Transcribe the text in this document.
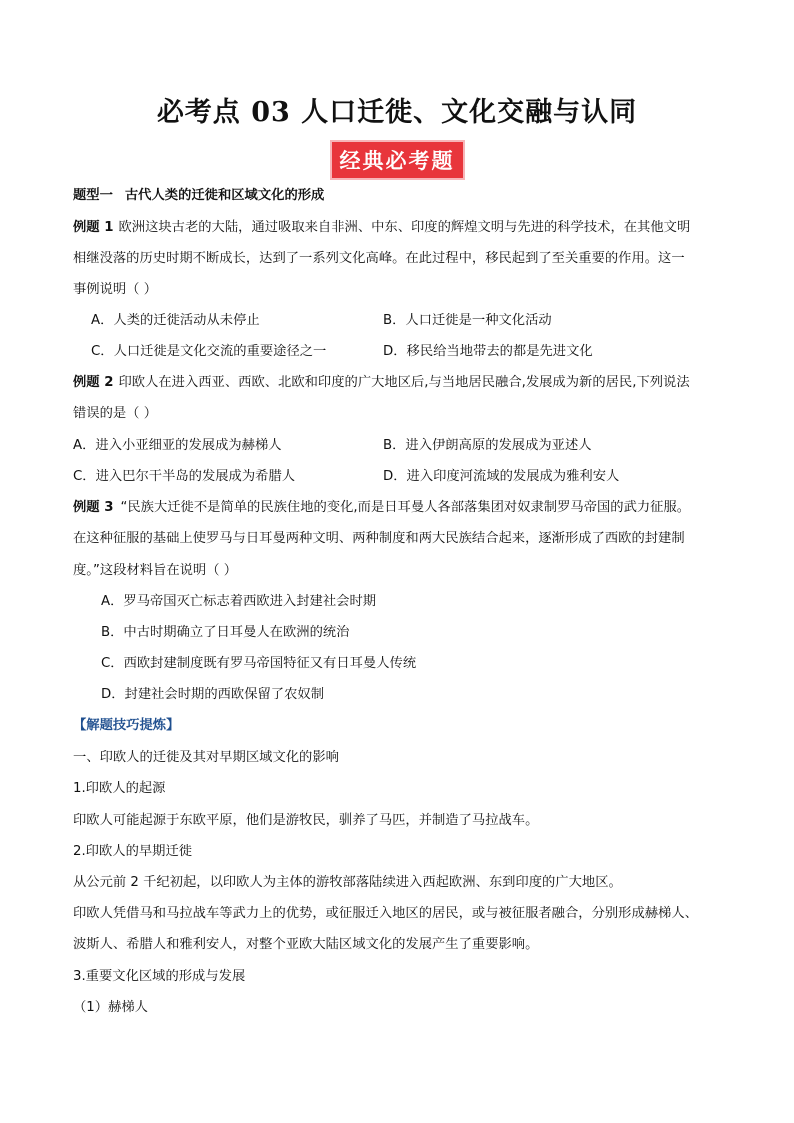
必考点 03 人口迁徙、文化交融与认同
经典必考题
题型一 古代人类的迁徙和区域文化的形成
例题 1 欧洲这块古老的大陆，通过吸取来自非洲、中东、印度的辉煌文明与先进的科学技术，在其他文明
相继没落的历史时期不断成长，达到了一系列文化高峰。在此过程中，移民起到了至关重要的作用。这一
事例说明（ ）
A．人类的迁徙活动从未停止	B．人口迁徙是一种文化活动
C．人口迁徙是文化交流的重要途径之一	D．移民给当地带去的都是先进文化
例题 2 印欧人在进入西亚、西欧、北欧和印度的广大地区后,与当地居民融合,发展成为新的居民,下列说法
错误的是（ ）
A．进入小亚细亚的发展成为赫梯人	B．进入伊朗高原的发展成为亚述人
C．进入巴尔干半岛的发展成为希腊人	D．进入印度河流域的发展成为雅利安人
例题 3 “民族大迁徙不是简单的民族住地的变化,而是日耳曼人各部落集团对奴隶制罗马帝国的武力征服。
在这种征服的基础上使罗马与日耳曼两种文明、两种制度和两大民族结合起来，逐渐形成了西欧的封建制
度。”这段材料旨在说明（ ）
A．罗马帝国灭亡标志着西欧进入封建社会时期
B．中古时期确立了日耳曼人在欧洲的统治
C．西欧封建制度既有罗马帝国特征又有日耳曼人传统
D．封建社会时期的西欧保留了农奴制
【解题技巧提炼】
一、印欧人的迁徙及其对早期区域文化的影响
1.印欧人的起源
印欧人可能起源于东欧平原，他们是游牧民，驯养了马匹，并制造了马拉战车。
2.印欧人的早期迁徙
从公元前 2 千纪初起，以印欧人为主体的游牧部落陆续进入西起欧洲、东到印度的广大地区。
印欧人凭借马和马拉战车等武力上的优势，或征服迁入地区的居民，或与被征服者融合，分别形成赫梯人、
波斯人、希腊人和雅利安人，对整个亚欧大陆区域文化的发展产生了重要影响。
3.重要文化区域的形成与发展
（1）赫梯人
